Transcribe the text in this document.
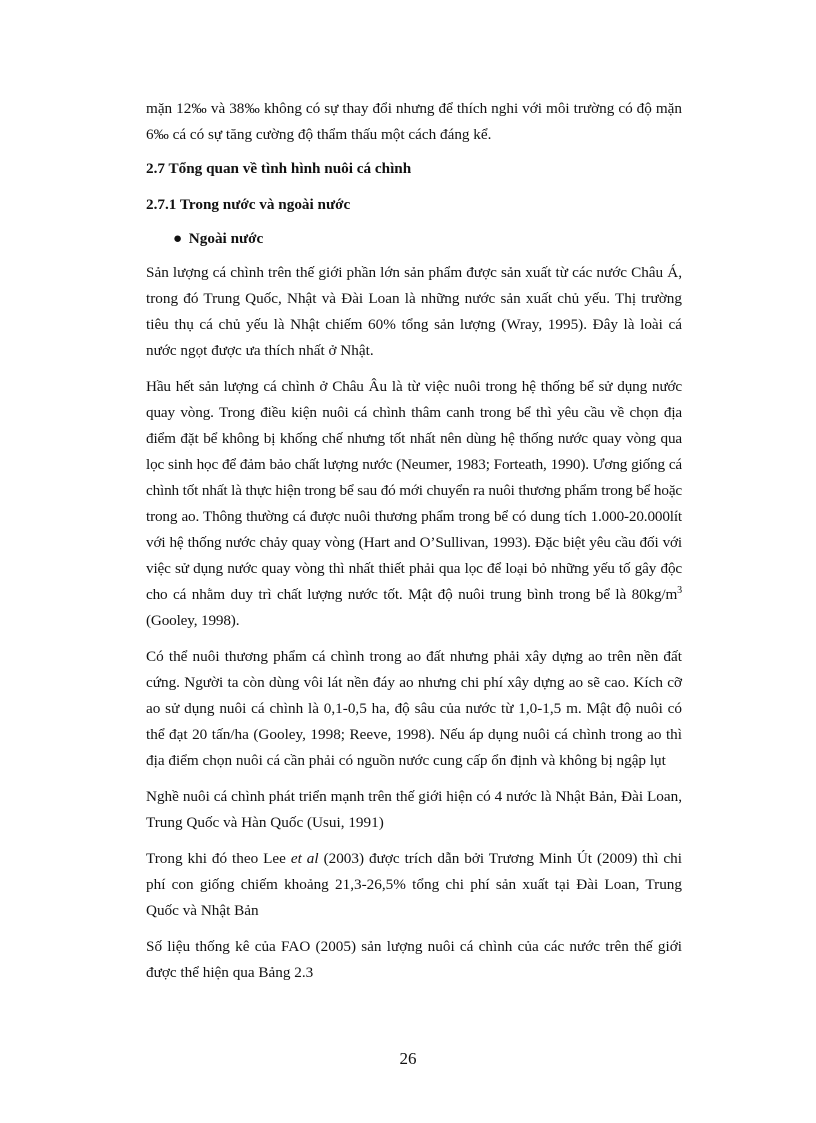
mặn 12‰ và 38‰ không có sự thay đổi nhưng để thích nghi với môi trường có độ mặn 6‰ cá có sự tăng cường độ thẩm thấu một cách đáng kể.

2.7 Tổng quan về tình hình nuôi cá chình
2.7.1 Trong nước và ngoài nước
● Ngoài nước

Sản lượng cá chình trên thế giới phần lớn sản phẩm được sản xuất từ các nước Châu Á, trong đó Trung Quốc, Nhật và Đài Loan là những nước sản xuất chủ yếu. Thị trường tiêu thụ cá chủ yếu là Nhật chiếm 60% tổng sản lượng (Wray, 1995). Đây là loài cá nước ngọt được ưa thích nhất ở Nhật.

Hầu hết sản lượng cá chình ở Châu Âu là từ việc nuôi trong hệ thống bể sử dụng nước quay vòng. Trong điều kiện nuôi cá chình thâm canh trong bể thì yêu cầu về chọn địa điểm đặt bể không bị khống chế nhưng tốt nhất nên dùng hệ thống nước quay vòng qua lọc sinh học để đảm bảo chất lượng nước (Neumer, 1983; Forteath, 1990). Ương giống cá chình tốt nhất là thực hiện trong bể sau đó mới chuyển ra nuôi thương phẩm trong bể hoặc trong ao. Thông thường cá được nuôi thương phẩm trong bể có dung tích 1.000-20.000lít với hệ thống nước chảy quay vòng (Hart and O’Sullivan, 1993). Đặc biệt yêu cầu đối với việc sử dụng nước quay vòng thì nhất thiết phải qua lọc để loại bỏ những yếu tố gây độc cho cá nhằm duy trì chất lượng nước tốt. Mật độ nuôi trung bình trong bể là $80kg/m^3$ (Gooley, 1998).

Có thể nuôi thương phẩm cá chình trong ao đất nhưng phải xây dựng ao trên nền đất cứng. Người ta còn dùng vôi lát nền đáy ao nhưng chi phí xây dựng ao sẽ cao. Kích cỡ ao sử dụng nuôi cá chình là 0,1-0,5 ha, độ sâu của nước từ 1,0-1,5 m. Mật độ nuôi có thể đạt 20 tấn/ha (Gooley, 1998; Reeve, 1998). Nếu áp dụng nuôi cá chình trong ao thì địa điểm chọn nuôi cá cần phải có nguồn nước cung cấp ổn định và không bị ngập lụt

Nghề nuôi cá chình phát triển mạnh trên thế giới hiện có 4 nước là Nhật Bản, Đài Loan, Trung Quốc và Hàn Quốc (Usui, 1991)

Trong khi đó theo Lee et al (2003) được trích dẫn bởi Trương Minh Út (2009) thì chi phí con giống chiếm khoảng 21,3-26,5% tổng chi phí sản xuất tại Đài Loan, Trung Quốc và Nhật Bản

Số liệu thống kê của FAO (2005) sản lượng nuôi cá chình của các nước trên thế giới được thể hiện qua Bảng 2.3

26
